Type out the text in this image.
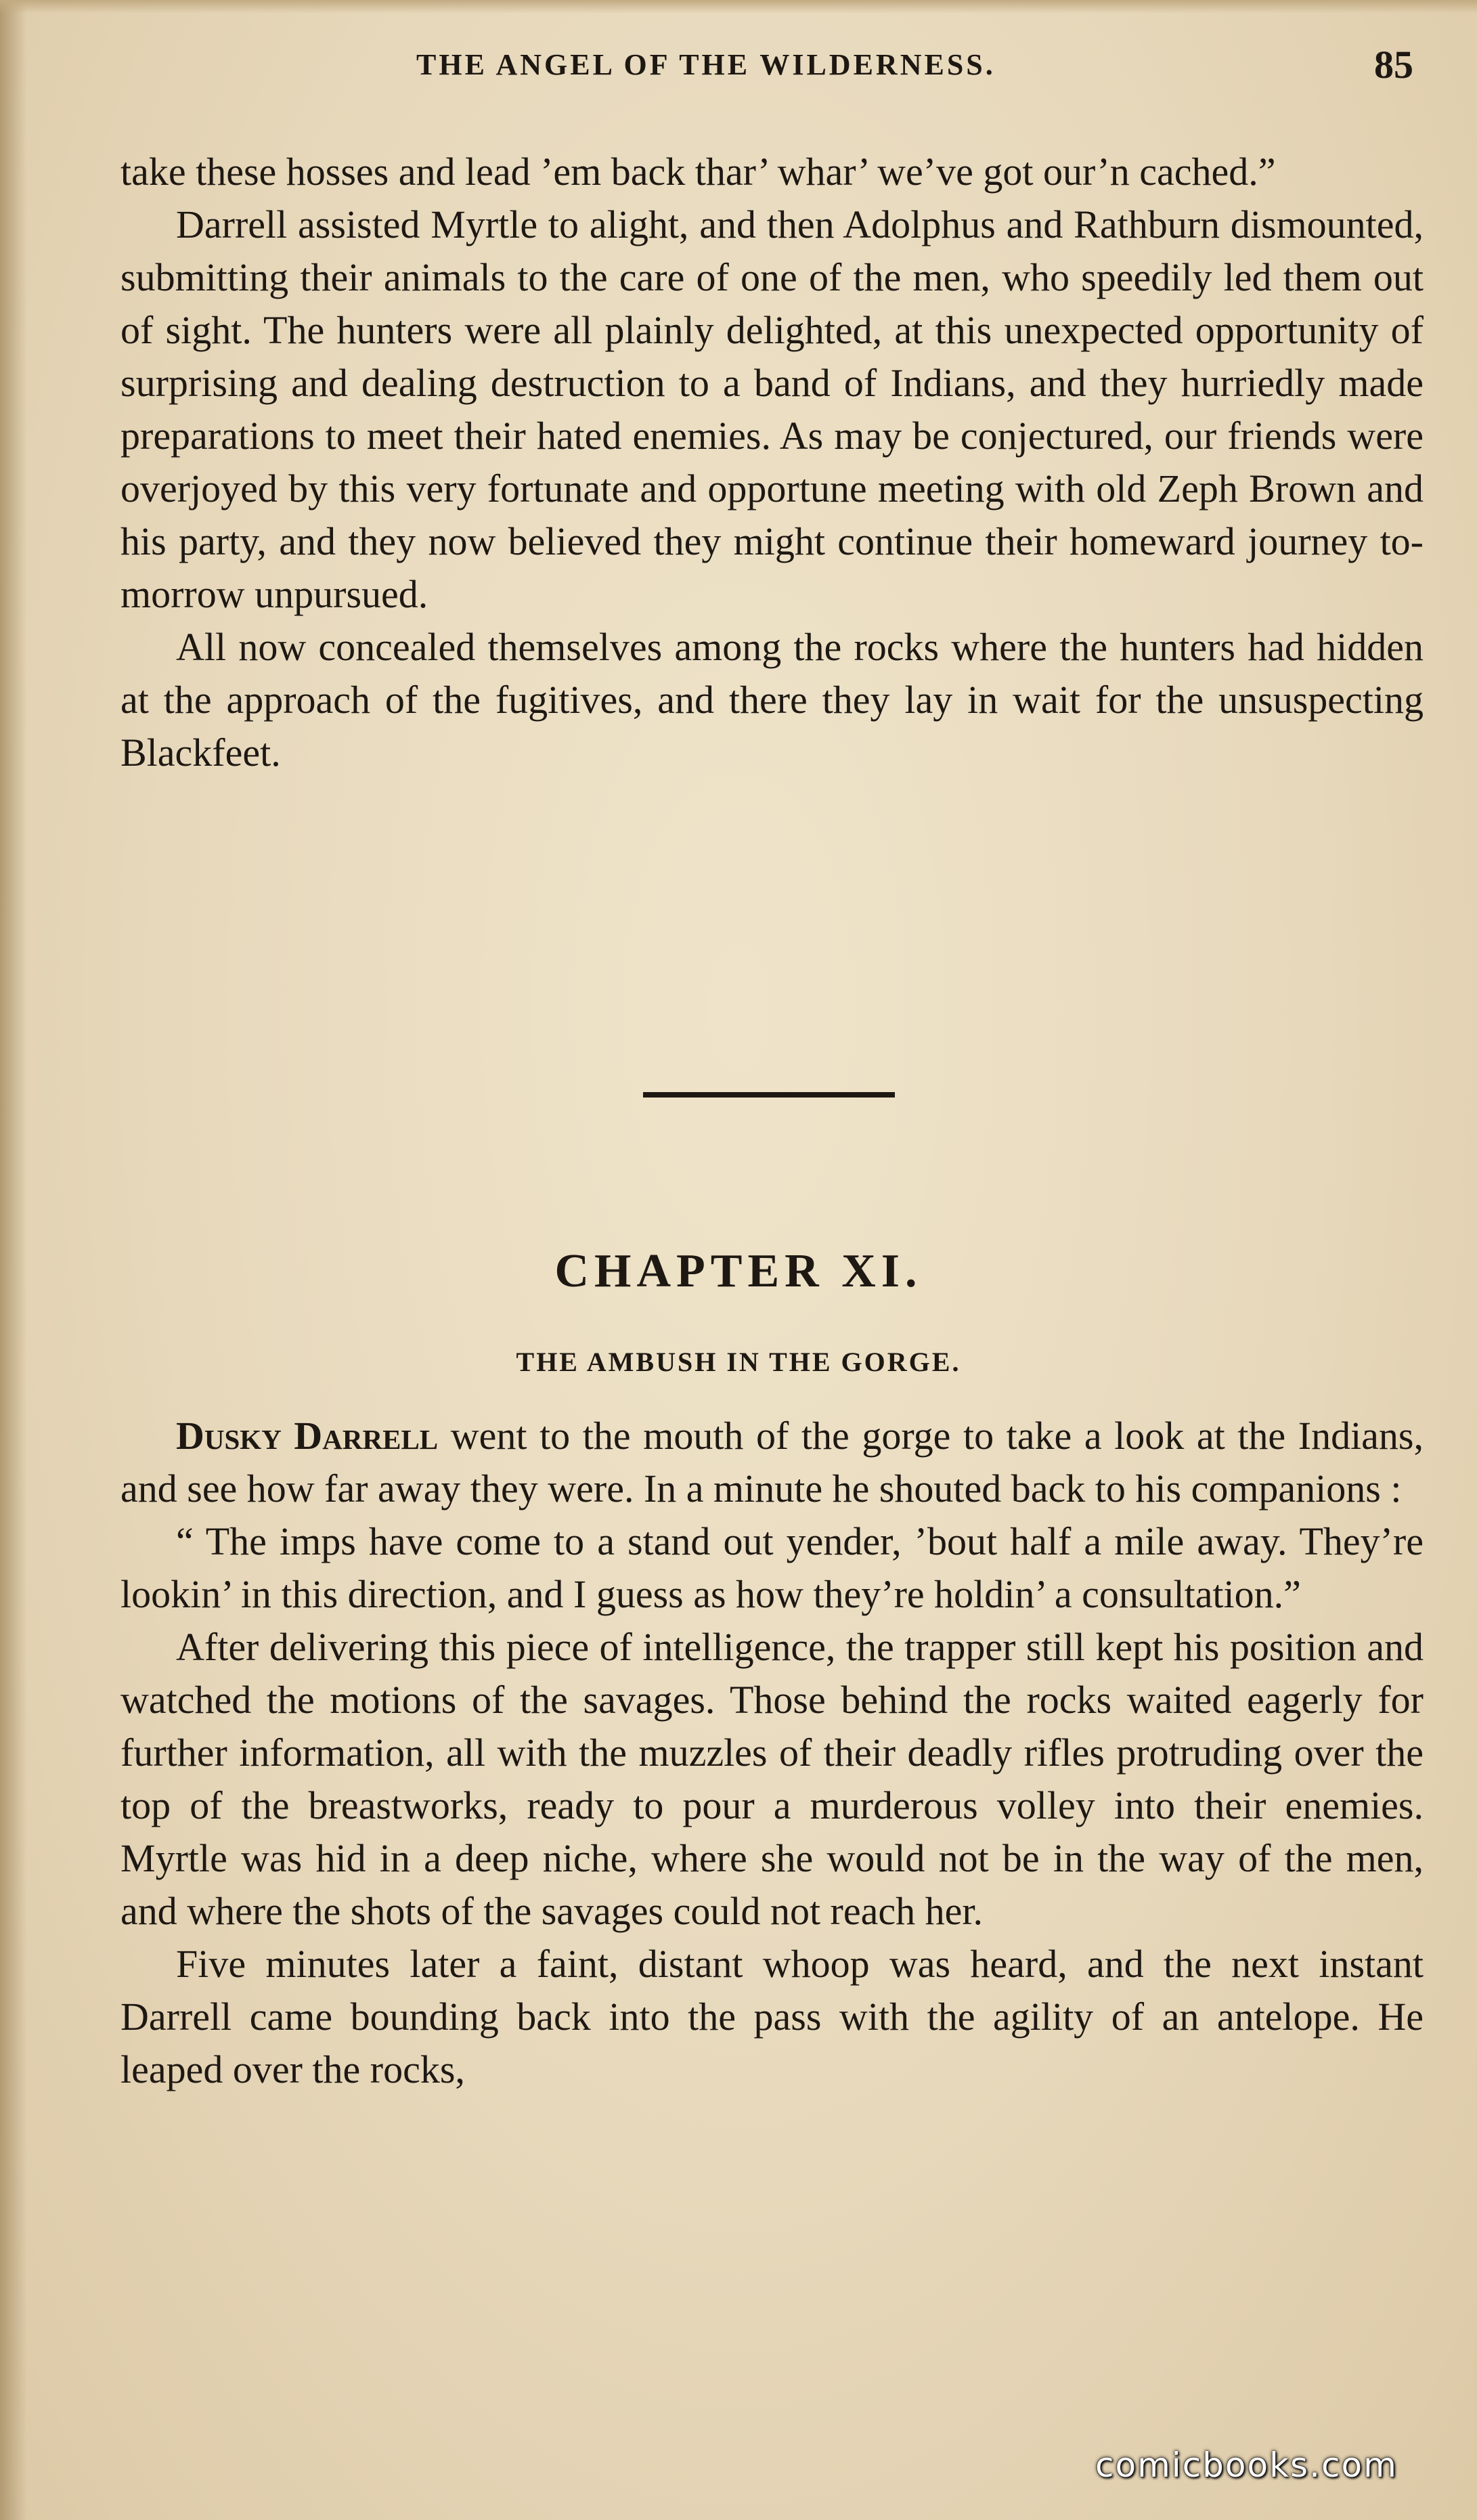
THE ANGEL OF THE WILDERNESS.	85

take these hosses and lead ’em back thar’ whar’ we’ve got our’n cached.”

Darrell assisted Myrtle to alight, and then Adolphus and Rathburn dismounted, submitting their animals to the care of one of the men, who speedily led them out of sight. The hunters were all plainly delighted, at this unexpected opportunity of surprising and dealing destruction to a band of Indians, and they hurriedly made preparations to meet their hated enemies. As may be conjectured, our friends were overjoyed by this very fortunate and opportune meeting with old Zeph Brown and his party, and they now believed they might continue their homeward journey to-morrow unpursued.

All now concealed themselves among the rocks where the hunters had hidden at the approach of the fugitives, and there they lay in wait for the unsuspecting Blackfeet.

CHAPTER XI.
THE AMBUSH IN THE GORGE.

Dusky Darrell went to the mouth of the gorge to take a look at the Indians, and see how far away they were. In a minute he shouted back to his companions :

“ The imps have come to a stand out yender, ’bout half a mile away. They’re lookin’ in this direction, and I guess as how they’re holdin’ a consultation.”

After delivering this piece of intelligence, the trapper still kept his position and watched the motions of the savages. Those behind the rocks waited eagerly for further information, all with the muzzles of their deadly rifles protruding over the top of the breastworks, ready to pour a murderous volley into their enemies. Myrtle was hid in a deep niche, where she would not be in the way of the men, and where the shots of the savages could not reach her.

Five minutes later a faint, distant whoop was heard, and the next instant Darrell came bounding back into the pass with the agility of an antelope. He leaped over the rocks,

comicbooks.com
